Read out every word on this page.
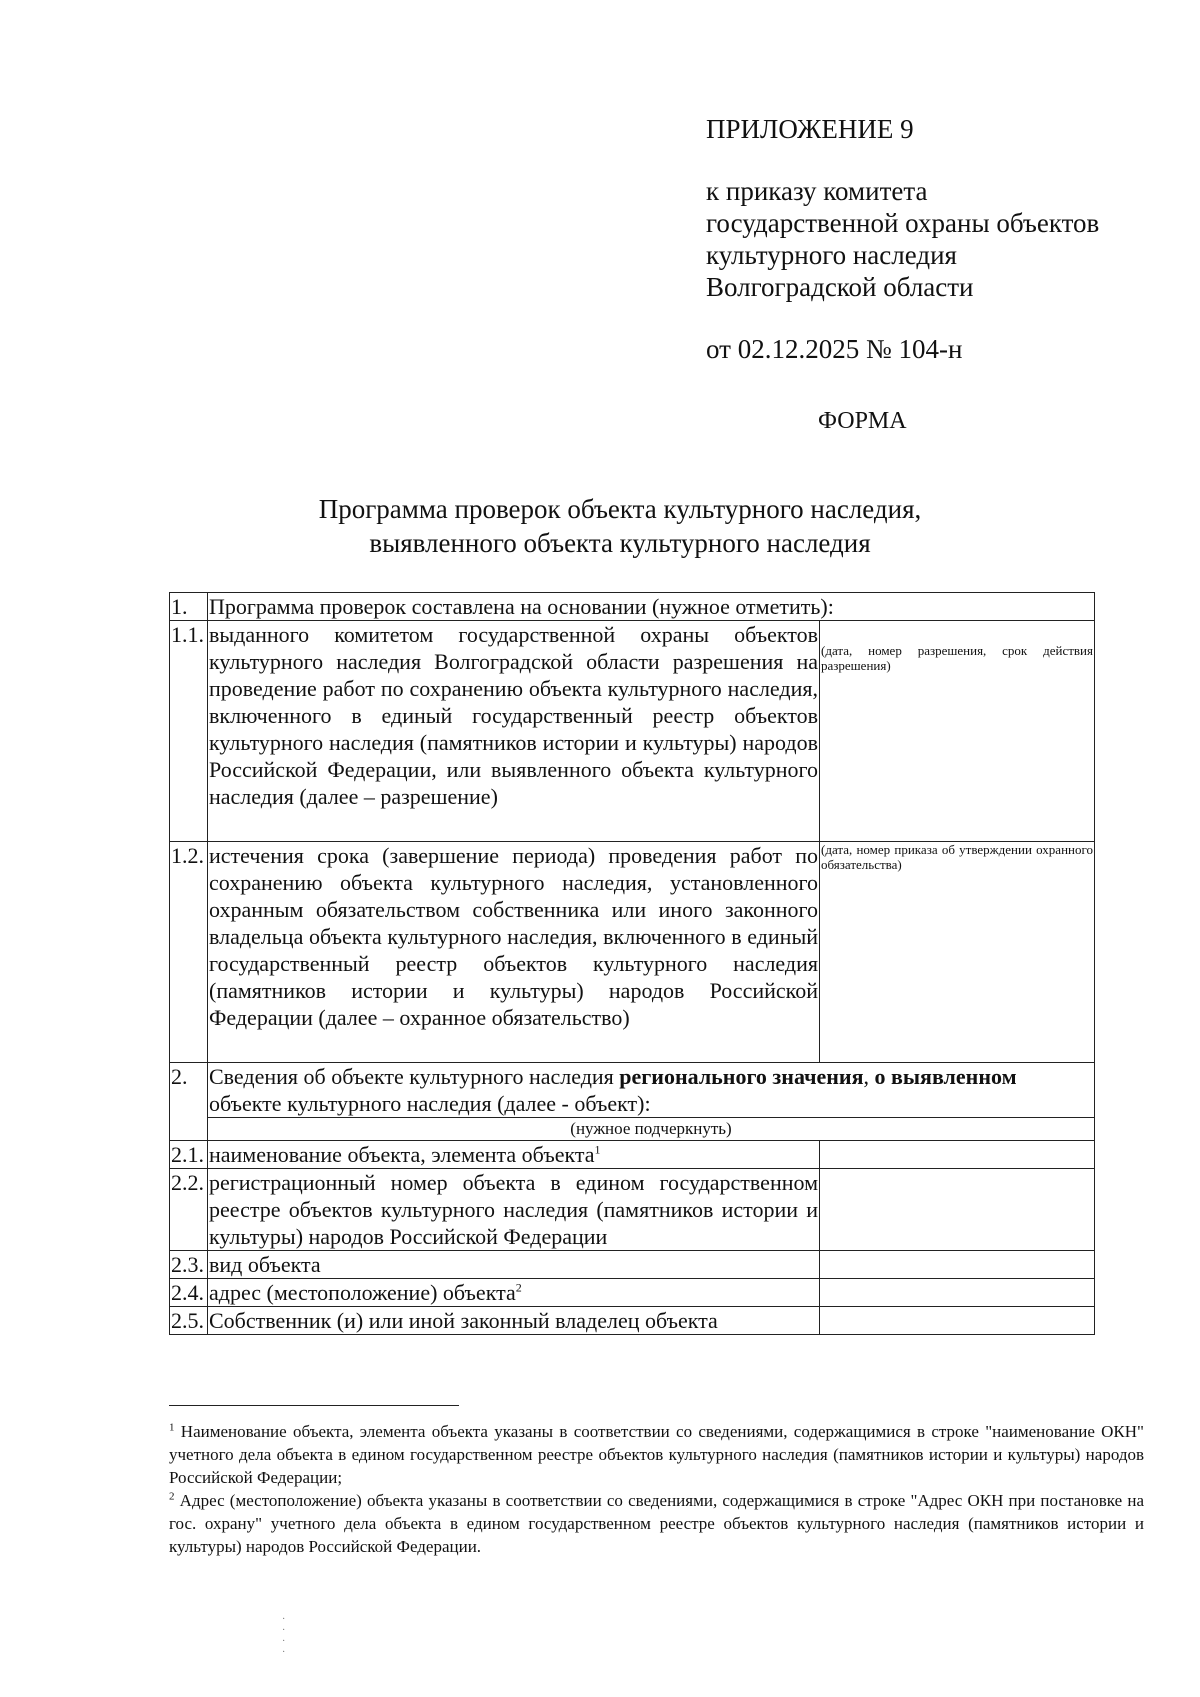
ПРИЛОЖЕНИЕ 9
к приказу комитета
государственной охраны объектов
культурного наследия
Волгоградской области
от 02.12.2025 № 104-н
ФОРМА
Программа проверок объекта культурного наследия,
выявленного объекта культурного наследия
1.	Программа проверок составлена на основании (нужное отметить):	
1.1.	выданного комитетом государственной охраны объектов культурного наследия Волгоградской области разрешения на проведение работ по сохранению объекта культурного наследия, включенного в единый государственный реестр объектов культурного наследия (памятников истории и культуры) народов Российской Федерации, или выявленного объекта культурного наследия (далее – разрешение)	(дата, номер разрешения, срок действия разрешения)

1.2.	истечения срока (завершение периода) проведения работ по сохранению объекта культурного наследия, установленного охранным обязательством собственника или иного законного владельца объекта культурного наследия, включенного в единый государственный реестр объектов культурного наследия (памятников истории и культуры) народов Российской Федерации (далее – охранное обязательство)	(дата, номер приказа об утверждении охранного обязательства)

2.	Сведения об объекте культурного наследия регионального значения, о выявленном объекте культурного наследия (далее - объект):	
	(нужное подчеркнуть)	
2.1.	наименование объекта, элемента объекта$^1$	
2.2.	регистрационный номер объекта в едином государственном реестре объектов культурного наследия (памятников истории и культуры) народов Российской Федерации	
2.3.	вид объекта	
2.4.	адрес (местоположение) объекта$^2$	
2.5.	Собственник (и) или иной законный владелец объекта	

$^1$ Наименование объекта, элемента объекта указаны в соответствии со сведениями, содержащимися в строке "наименование ОКН" учетного дела объекта в едином государственном реестре объектов культурного наследия (памятников истории и культуры) народов Российской Федерации;

$^2$ Адрес (местоположение) объекта указаны в соответствии со сведениями, содержащимися в строке "Адрес ОКН при постановке на гос. охрану" учетного дела объекта в едином государственном реестре объектов культурного наследия (памятников истории и культуры) народов Российской Федерации.

·
·
·
·
